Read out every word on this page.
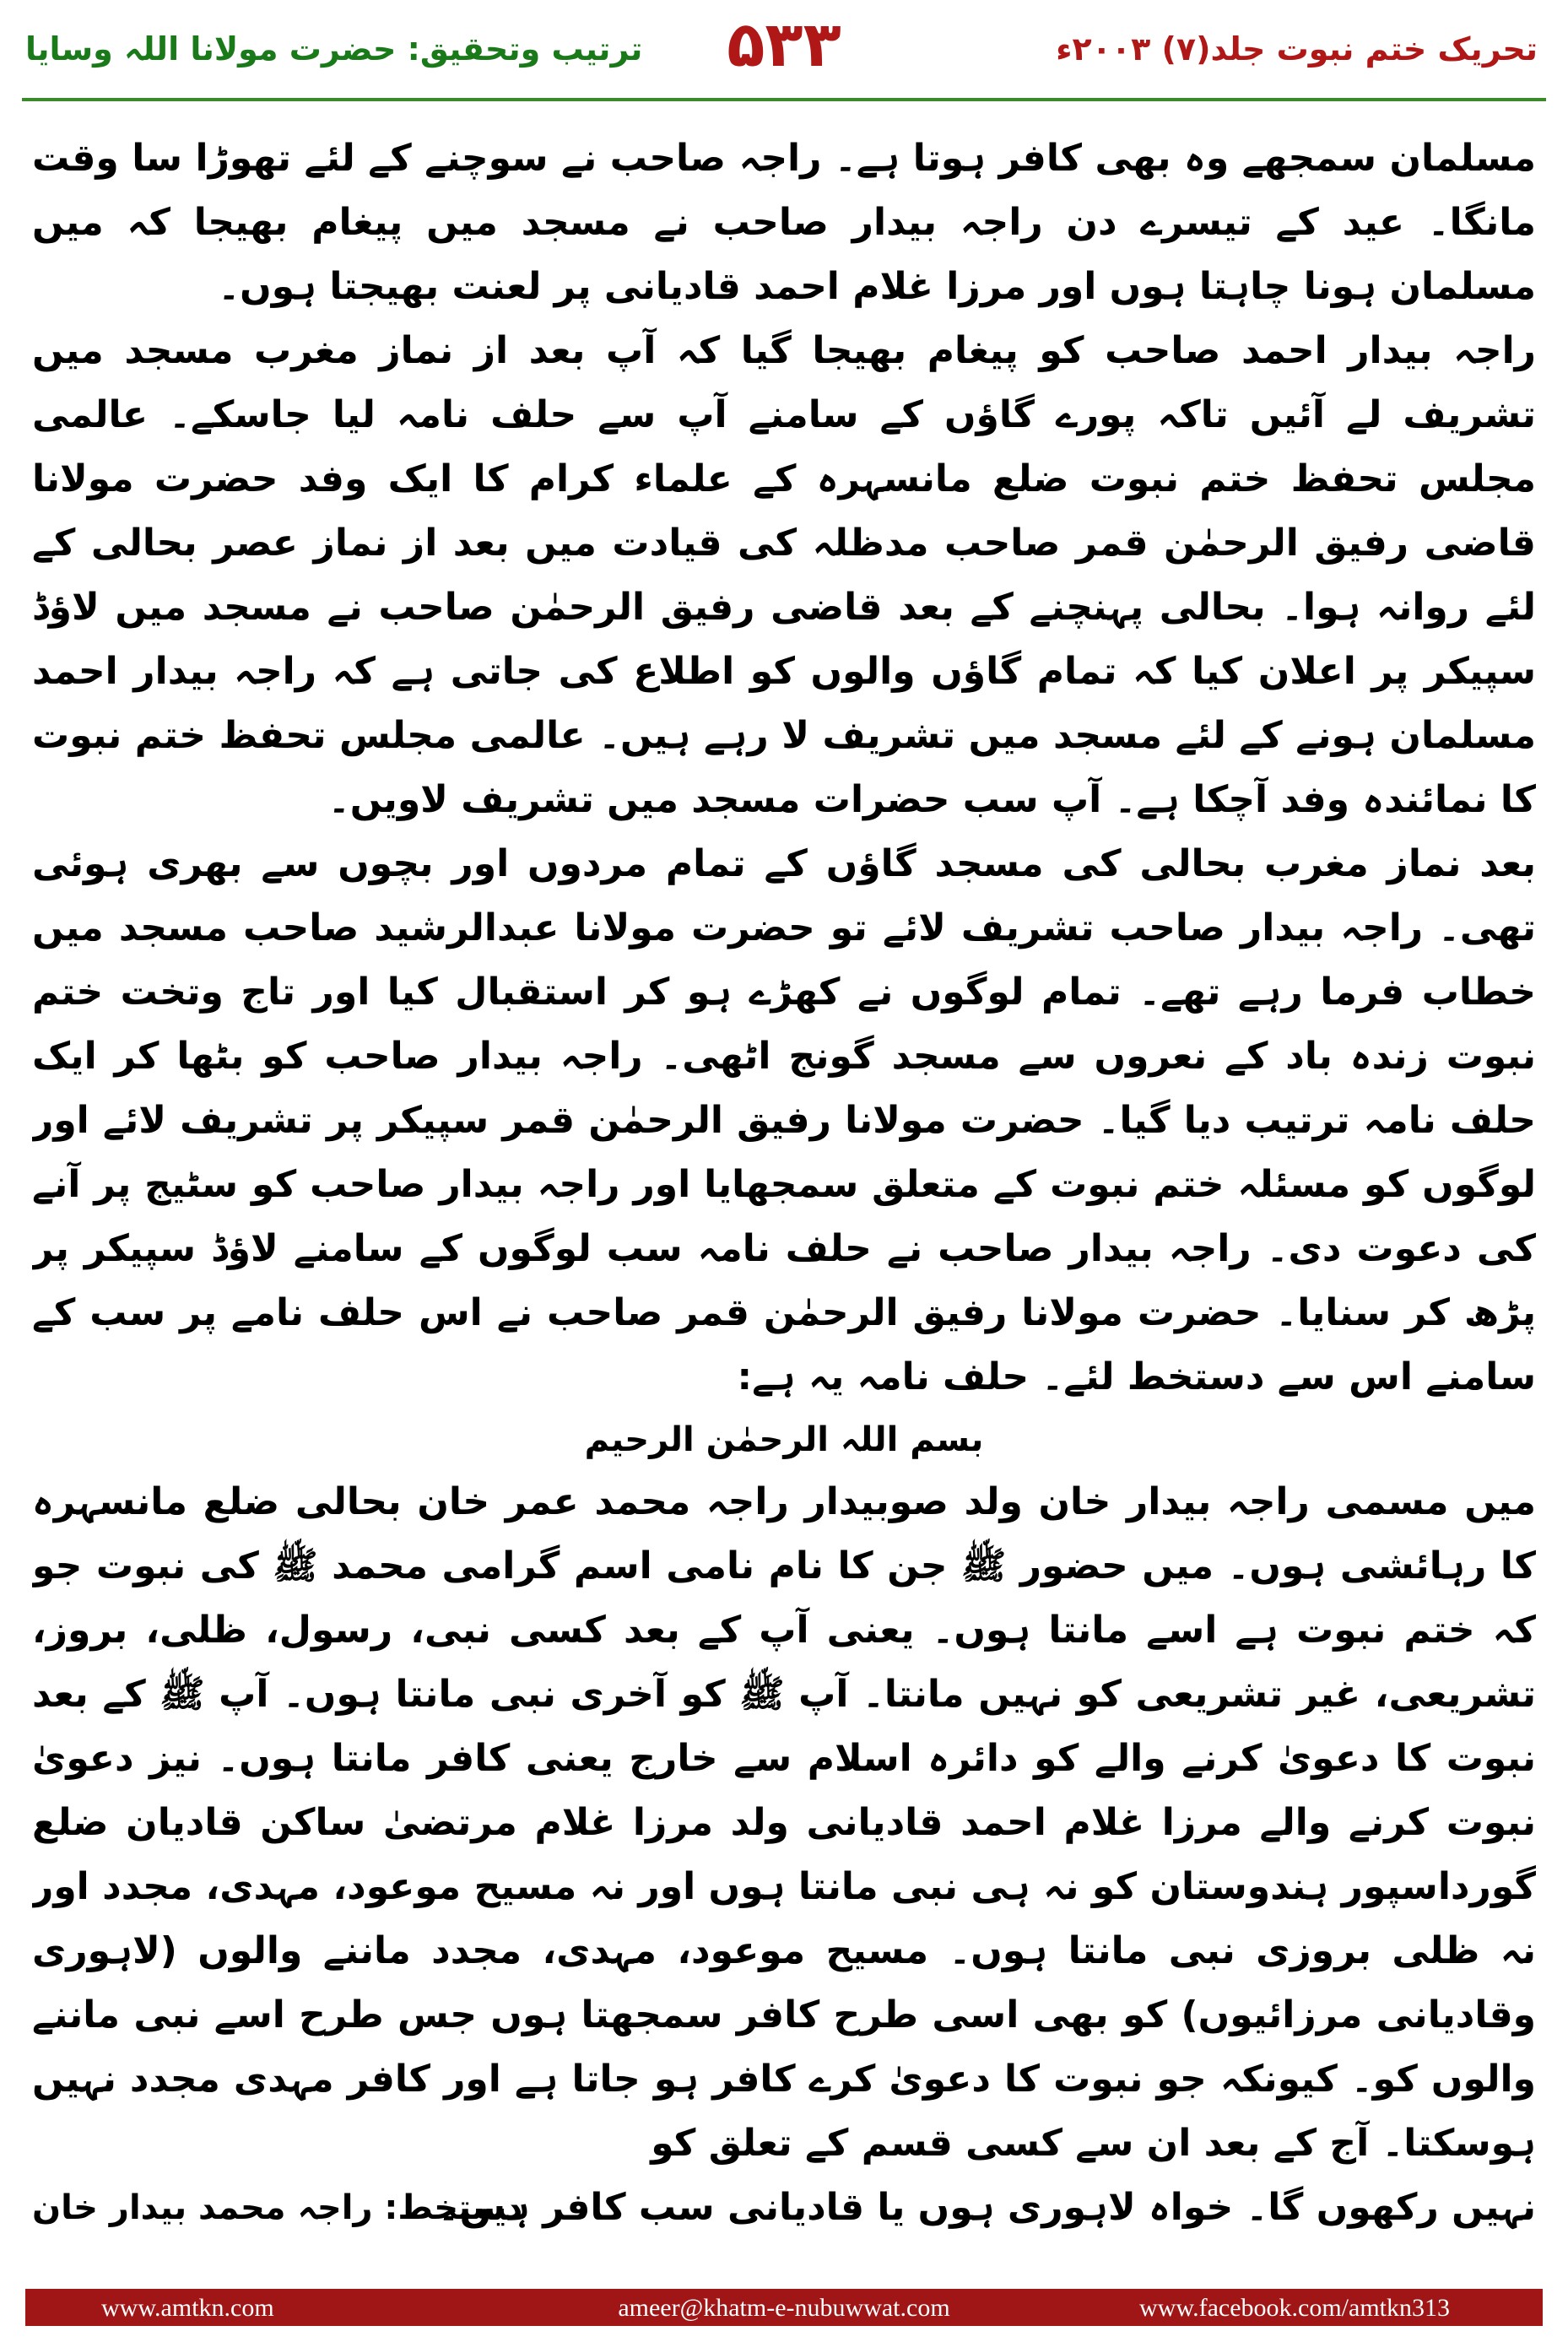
ترتیب وتحقیق: حضرت مولانا اللہ وسایا	۵۳۳	تحریک ختم نبوت جلد(۷) ۲۰۰۳ء

مسلمان سمجھے وہ بھی کافر ہوتا ہے۔ راجہ صاحب نے سوچنے کے لئے تھوڑا سا وقت مانگا۔ عید کے تیسرے دن راجہ بیدار صاحب نے مسجد میں پیغام بھیجا کہ میں مسلمان ہونا چاہتا ہوں اور مرزا غلام احمد قادیانی پر لعنت بھیجتا ہوں۔

راجہ بیدار احمد صاحب کو پیغام بھیجا گیا کہ آپ بعد از نماز مغرب مسجد میں تشریف لے آئیں تاکہ پورے گاؤں کے سامنے آپ سے حلف نامہ لیا جاسکے۔ عالمی مجلس تحفظ ختم نبوت ضلع مانسہرہ کے علماء کرام کا ایک وفد حضرت مولانا قاضی رفیق الرحمٰن قمر صاحب مدظلہ کی قیادت میں بعد از نماز عصر بحالی کے لئے روانہ ہوا۔ بحالی پہنچنے کے بعد قاضی رفیق الرحمٰن صاحب نے مسجد میں لاؤڈ سپیکر پر اعلان کیا کہ تمام گاؤں والوں کو اطلاع کی جاتی ہے کہ راجہ بیدار احمد مسلمان ہونے کے لئے مسجد میں تشریف لا رہے ہیں۔ عالمی مجلس تحفظ ختم نبوت کا نمائندہ وفد آچکا ہے۔ آپ سب حضرات مسجد میں تشریف لاویں۔

بعد نماز مغرب بحالی کی مسجد گاؤں کے تمام مردوں اور بچوں سے بھری ہوئی تھی۔ راجہ بیدار صاحب تشریف لائے تو حضرت مولانا عبدالرشید صاحب مسجد میں خطاب فرما رہے تھے۔ تمام لوگوں نے کھڑے ہو کر استقبال کیا اور تاج وتخت ختم نبوت زندہ باد کے نعروں سے مسجد گونج اٹھی۔ راجہ بیدار صاحب کو بٹھا کر ایک حلف نامہ ترتیب دیا گیا۔ حضرت مولانا رفیق الرحمٰن قمر سپیکر پر تشریف لائے اور لوگوں کو مسئلہ ختم نبوت کے متعلق سمجھایا اور راجہ بیدار صاحب کو سٹیج پر آنے کی دعوت دی۔ راجہ بیدار صاحب نے حلف نامہ سب لوگوں کے سامنے لاؤڈ سپیکر پر پڑھ کر سنایا۔ حضرت مولانا رفیق الرحمٰن قمر صاحب نے اس حلف نامے پر سب کے سامنے اس سے دستخط لئے۔ حلف نامہ یہ ہے:

بسم اللہ الرحمٰن الرحیم

میں مسمی راجہ بیدار خان ولد صوبیدار راجہ محمد عمر خان بحالی ضلع مانسہرہ کا رہائشی ہوں۔ میں حضور ﷺ جن کا نام نامی اسم گرامی محمد ﷺ کی نبوت جو کہ ختم نبوت ہے اسے مانتا ہوں۔ یعنی آپ کے بعد کسی نبی، رسول، ظلی، بروز، تشریعی، غیر تشریعی کو نہیں مانتا۔ آپ ﷺ کو آخری نبی مانتا ہوں۔ آپ ﷺ کے بعد نبوت کا دعویٰ کرنے والے کو دائرہ اسلام سے خارج یعنی کافر مانتا ہوں۔ نیز دعویٰ نبوت کرنے والے مرزا غلام احمد قادیانی ولد مرزا غلام مرتضیٰ ساکن قادیان ضلع گورداسپور ہندوستان کو نہ ہی نبی مانتا ہوں اور نہ مسیح موعود، مہدی، مجدد اور نہ ظلی بروزی نبی مانتا ہوں۔ مسیح موعود، مہدی، مجدد ماننے والوں (لاہوری وقادیانی مرزائیوں) کو بھی اسی طرح کافر سمجھتا ہوں جس طرح اسے نبی ماننے والوں کو۔ کیونکہ جو نبوت کا دعویٰ کرے کافر ہو جاتا ہے اور کافر مہدی مجدد نہیں ہوسکتا۔ آج کے بعد ان سے کسی قسم کے تعلق کو

نہیں رکھوں گا۔ خواہ لاہوری ہوں یا قادیانی سب کافر ہیں۔
دستخط: راجہ محمد بیدار خان

www.amtkn.com	ameer@khatm-e-nubuwwat.com	www.facebook.com/amtkn313
